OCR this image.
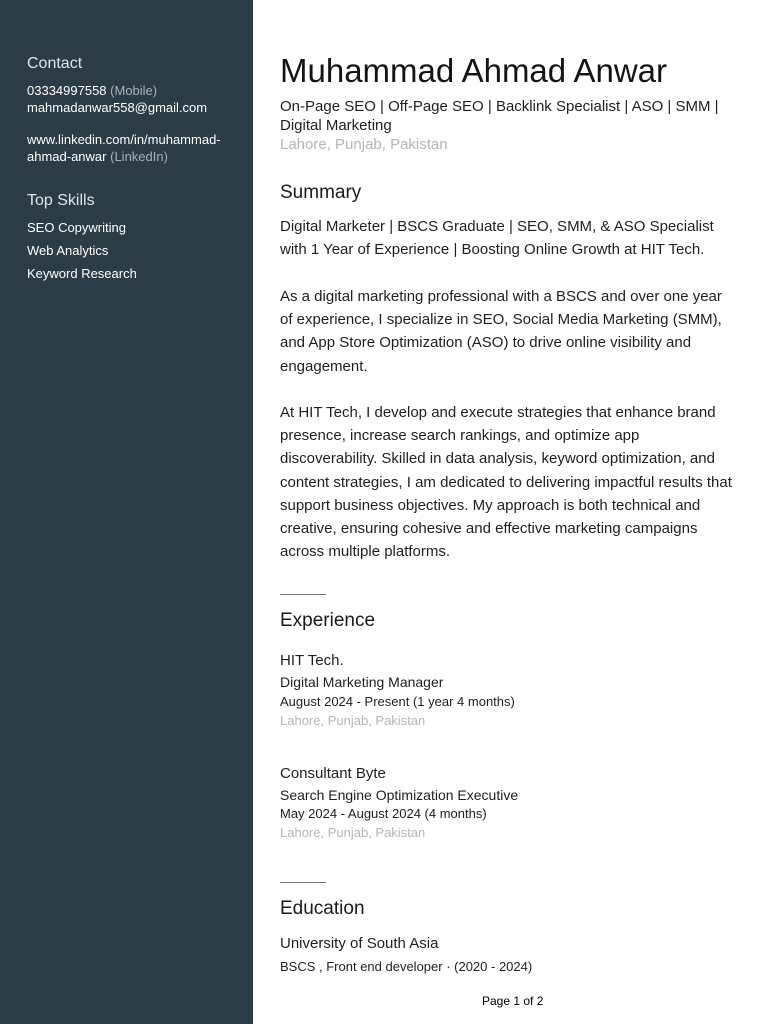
Contact
03334997558 (Mobile)
mahmadanwar558@gmail.com
www.linkedin.com/in/muhammad-
ahmad-anwar (LinkedIn)
Top Skills
SEO Copywriting
Web Analytics
Keyword Research
Muhammad Ahmad Anwar
On-Page SEO | Off-Page SEO | Backlink Specialist | ASO | SMM | Digital Marketing
Lahore, Punjab, Pakistan
Summary

Digital Marketer | BSCS Graduate | SEO, SMM, & ASO Specialist with 1 Year of Experience | Boosting Online Growth at HIT Tech.

As a digital marketing professional with a BSCS and over one year of experience, I specialize in SEO, Social Media Marketing (SMM), and App Store Optimization (ASO) to drive online visibility and engagement.

At HIT Tech, I develop and execute strategies that enhance brand presence, increase search rankings, and optimize app discoverability. Skilled in data analysis, keyword optimization, and content strategies, I am dedicated to delivering impactful results that support business objectives. My approach is both technical and creative, ensuring cohesive and effective marketing campaigns across multiple platforms.

Experience
HIT Tech.
Digital Marketing Manager
August 2024 - Present (1 year 4 months)
Lahore, Punjab, Pakistan
Consultant Byte
Search Engine Optimization Executive
May 2024 - August 2024 (4 months)
Lahore, Punjab, Pakistan
Education
University of South Asia
BSCS , Front end developer · (2020 - 2024)
Page 1 of 2
